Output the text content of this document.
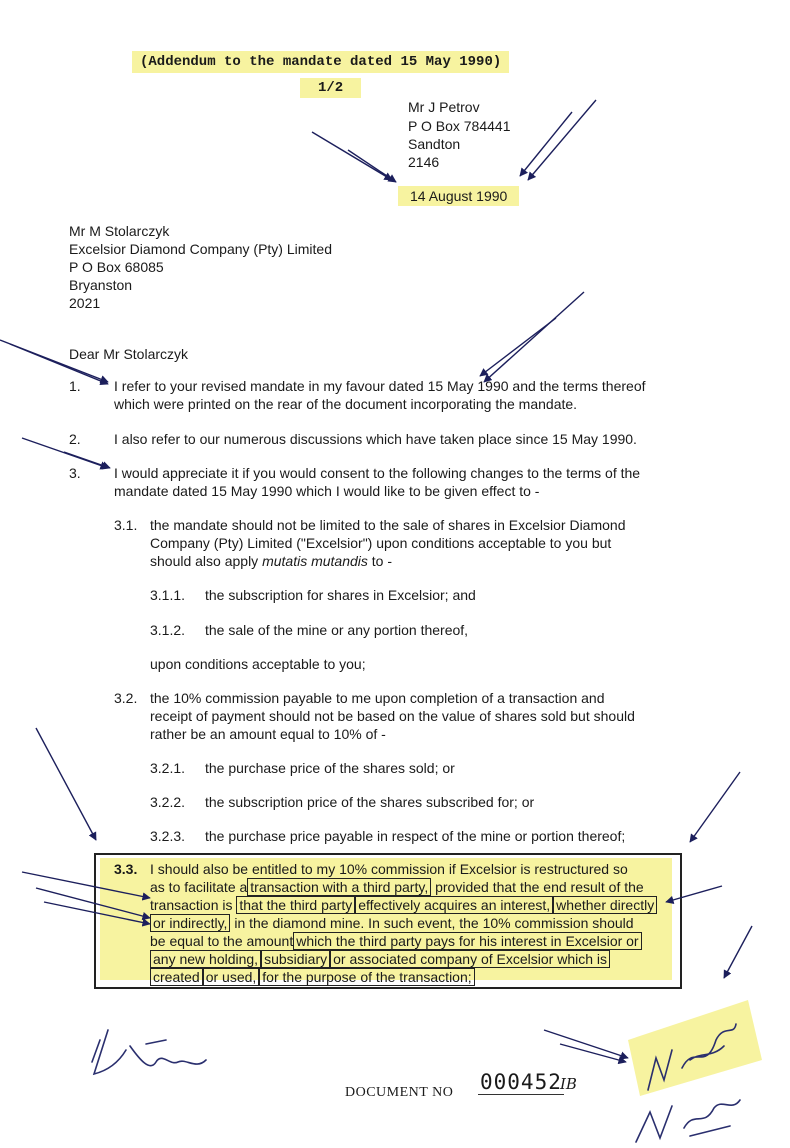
(Addendum to the mandate dated 15 May 1990)
1/2
Mr J Petrov
P O Box 784441
Sandton
2146
14 August 1990
Mr M Stolarczyk
Excelsior Diamond Company (Pty) Limited
P O Box 68085
Bryanston
2021
Dear Mr Stolarczyk
1. I refer to your revised mandate in my favour dated 15 May 1990 and the terms thereof
which were printed on the rear of the document incorporating the mandate.
2. I also refer to our numerous discussions which have taken place since 15 May 1990.
3. I would appreciate it if you would consent to the following changes to the terms of the
mandate dated 15 May 1990 which I would like to be given effect to -
3.1. the mandate should not be limited to the sale of shares in Excelsior Diamond
Company (Pty) Limited ("Excelsior") upon conditions acceptable to you but
should also apply mutatis mutandis to -
3.1.1. the subscription for shares in Excelsior; and
3.1.2. the sale of the mine or any portion thereof,
upon conditions acceptable to you;
3.2. the 10% commission payable to me upon completion of a transaction and
receipt of payment should not be based on the value of shares sold but should
rather be an amount equal to 10% of -
3.2.1. the purchase price of the shares sold; or
3.2.2. the subscription price of the shares subscribed for; or
3.2.3. the purchase price payable in respect of the mine or portion thereof;
3.3. I should also be entitled to my 10% commission if Excelsior is restructured so
as to facilitate a transaction with a third party, provided that the end result of the
transaction is that the third party effectively acquires an interest, whether directly
or indirectly, in the diamond mine. In such event, the 10% commission should
be equal to the amount which the third party pays for his interest in Excelsior or
any new holding, subsidiary or associated company of Excelsior which is
created or used, for the purpose of the transaction;
DOCUMENT NO 000452
IB
